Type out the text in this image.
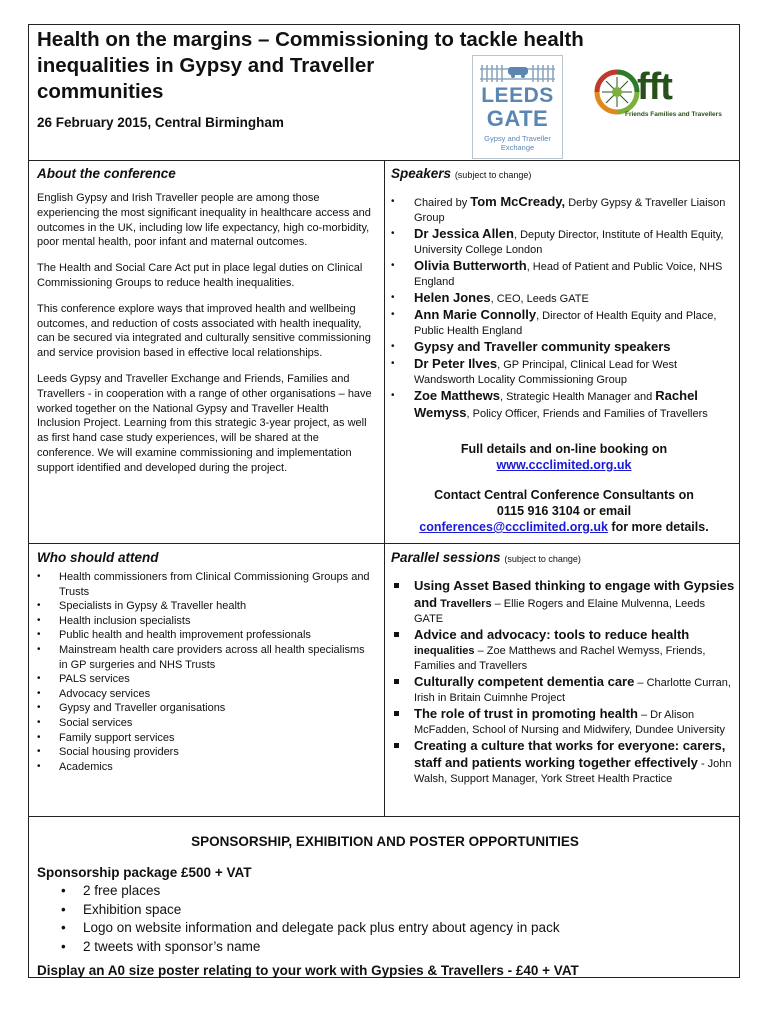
Health on the margins – Commissioning to tackle health
inequalities in Gypsy and Traveller
communities
26 February 2015, Central Birmingham
LEEDS
GATE
Gypsy and Traveller
Exchange
fft
Friends Families and Travellers
About the conference

English Gypsy and Irish Traveller people are among those experiencing the most significant inequality in healthcare access and outcomes in the UK, including low life expectancy, high co-morbidity, poor mental health, poor infant and maternal outcomes.

The Health and Social Care Act put in place legal duties on Clinical Commissioning Groups to reduce health inequalities.

This conference explore ways that improved health and wellbeing outcomes, and reduction of costs associated with health inequality, can be secured via integrated and culturally sensitive commissioning and service provision based in effective local relationships.

Leeds Gypsy and Traveller Exchange and Friends, Families and Travellers - in cooperation with a range of other organisations – have worked together on the National Gypsy and Traveller Health Inclusion Project. Learning from this strategic 3-year project, as well as first hand case study experiences, will be shared at the conference. We will examine commissioning and implementation support identified and developed during the project.

Speakers (subject to change)
• Chaired by Tom McCready, Derby Gypsy & Traveller Liaison Group
• Dr Jessica Allen, Deputy Director, Institute of Health Equity, University College London
• Olivia Butterworth, Head of Patient and Public Voice, NHS England
• Helen Jones, CEO, Leeds GATE
• Ann Marie Connolly, Director of Health Equity and Place, Public Health England
• Gypsy and Traveller community speakers
• Dr Peter Ilves, GP Principal, Clinical Lead for West Wandsworth Locality Commissioning Group
• Zoe Matthews, Strategic Health Manager and Rachel Wemyss, Policy Officer, Friends and Families of Travellers
Full details and on-line booking on
www.ccclimited.org.uk
Contact Central Conference Consultants on
0115 916 3104 or email
conferences@ccclimited.org.uk for more details.
Who should attend
• Health commissioners from Clinical Commissioning Groups and Trusts
• Specialists in Gypsy & Traveller health
• Health inclusion specialists
• Public health and health improvement professionals
• Mainstream health care providers across all health specialisms in GP surgeries and NHS Trusts
• PALS services
• Advocacy services
• Gypsy and Traveller organisations
• Social services
• Family support services
• Social housing providers
• Academics
Parallel sessions (subject to change)
Using Asset Based thinking to engage with Gypsies and Travellers – Ellie Rogers and Elaine Mulvenna, Leeds GATE
Advice and advocacy: tools to reduce health inequalities – Zoe Matthews and Rachel Wemyss, Friends, Families and Travellers
Culturally competent dementia care – Charlotte Curran, Irish in Britain Cuimnhe Project
The role of trust in promoting health – Dr Alison McFadden, School of Nursing and Midwifery, Dundee University
Creating a culture that works for everyone: carers, staff and patients working together effectively - John Walsh, Support Manager, York Street Health Practice
SPONSORSHIP, EXHIBITION AND POSTER OPPORTUNITIES
Sponsorship package £500 + VAT
• 2 free places
• Exhibition space
• Logo on website information and delegate pack plus entry about agency in pack
• 2 tweets with sponsor’s name
Display an A0 size poster relating to your work with Gypsies & Travellers - £40 + VAT
